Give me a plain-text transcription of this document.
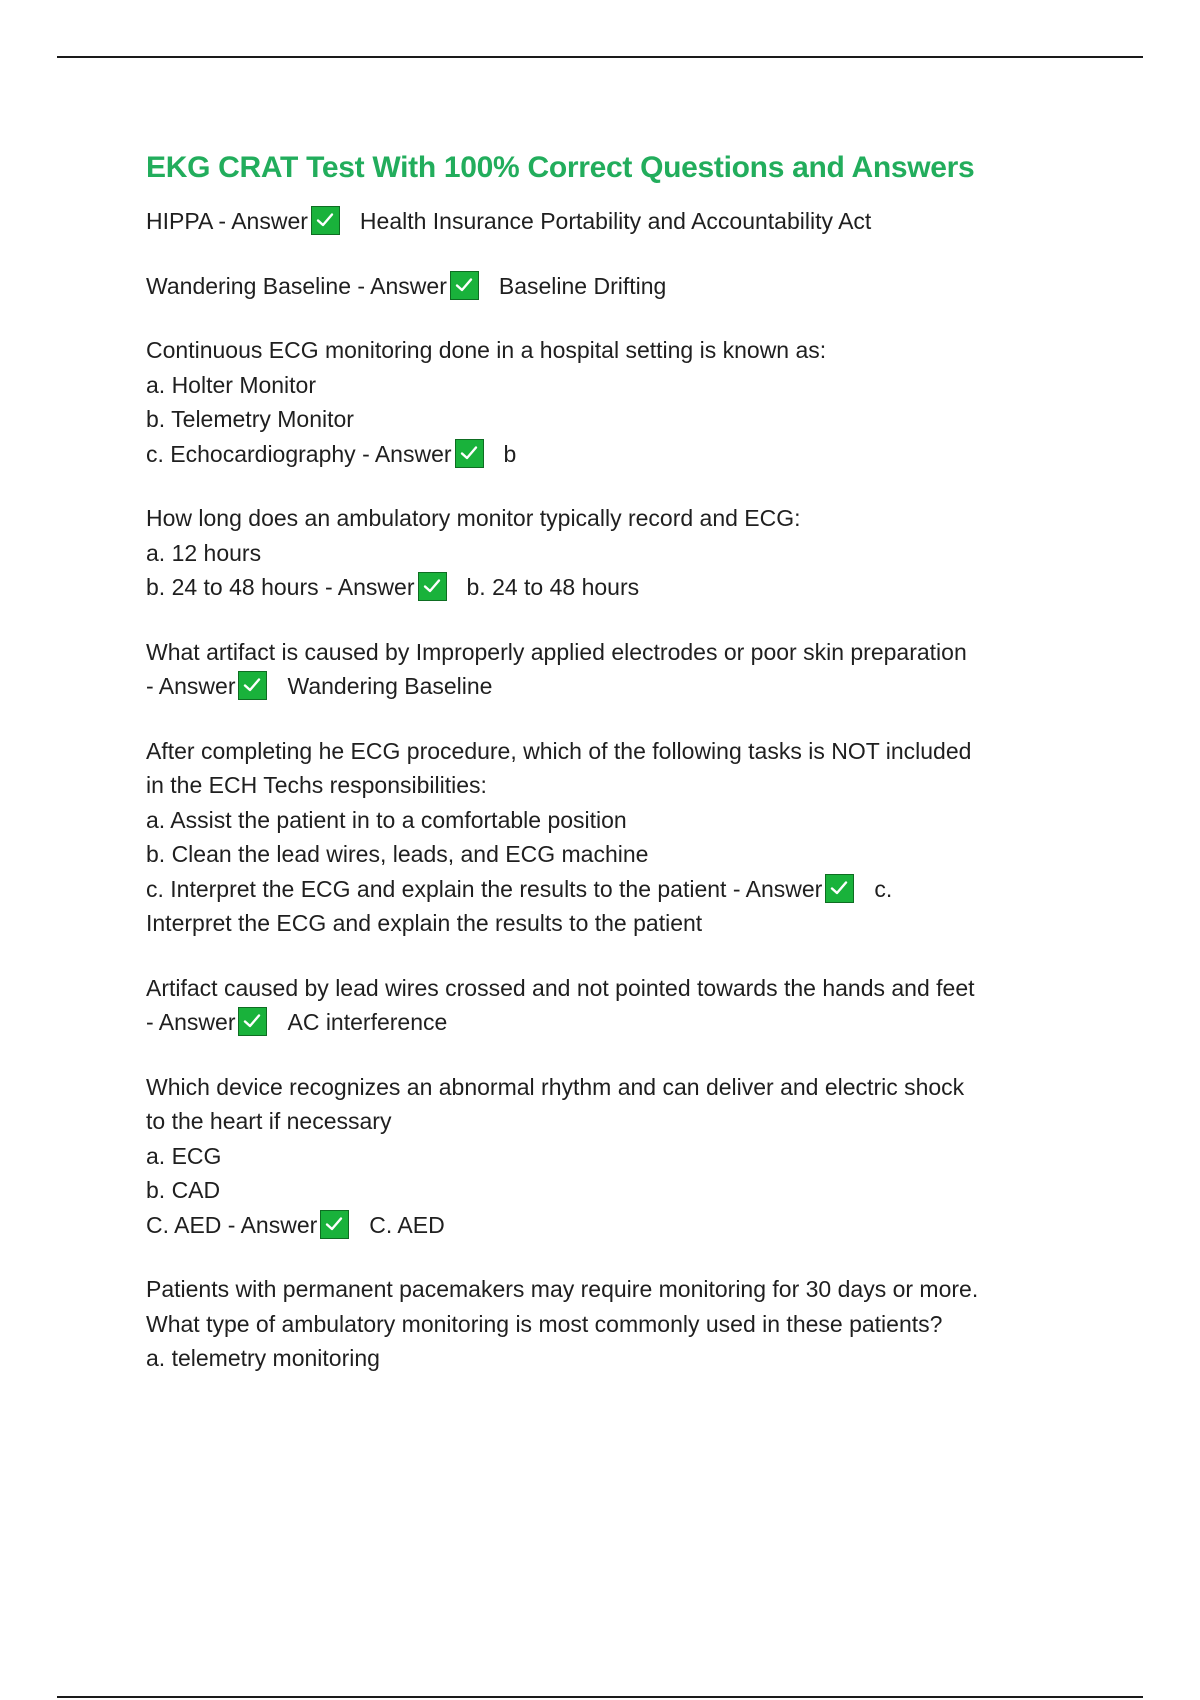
EKG CRAT Test With 100% Correct Questions and Answers
HIPPA - Answer Health Insurance Portability and Accountability Act
Wandering Baseline - Answer Baseline Drifting
Continuous ECG monitoring done in a hospital setting is known as:
a. Holter Monitor
b. Telemetry Monitor
c. Echocardiography - Answer b
How long does an ambulatory monitor typically record and ECG:
a. 12 hours
b. 24 to 48 hours - Answer b. 24 to 48 hours
What artifact is caused by Improperly applied electrodes or poor skin preparation
- Answer Wandering Baseline
After completing he ECG procedure, which of the following tasks is NOT included
in the ECH Techs responsibilities:
a. Assist the patient in to a comfortable position
b. Clean the lead wires, leads, and ECG machine
c. Interpret the ECG and explain the results to the patient - Answer c.
Interpret the ECG and explain the results to the patient
Artifact caused by lead wires crossed and not pointed towards the hands and feet
- Answer AC interference
Which device recognizes an abnormal rhythm and can deliver and electric shock
to the heart if necessary
a. ECG
b. CAD
C. AED - Answer C. AED
Patients with permanent pacemakers may require monitoring for 30 days or more.
What type of ambulatory monitoring is most commonly used in these patients?
a. telemetry monitoring
